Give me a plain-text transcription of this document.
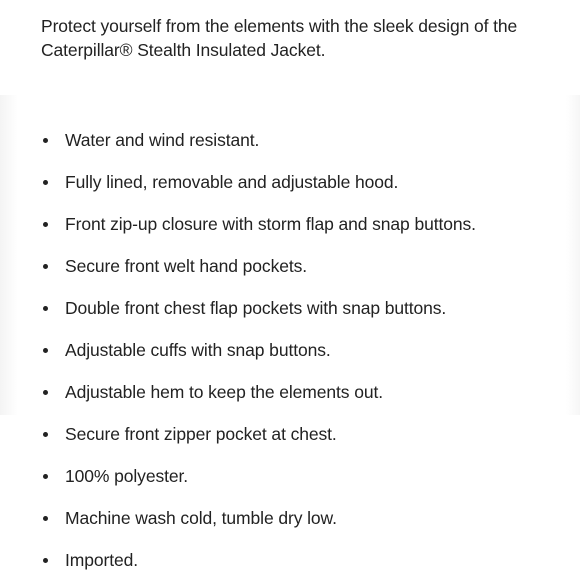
Protect yourself from the elements with the sleek design of the Caterpillar® Stealth Insulated Jacket.

Water and wind resistant.
Fully lined, removable and adjustable hood.
Front zip-up closure with storm flap and snap buttons.
Secure front welt hand pockets.
Double front chest flap pockets with snap buttons.
Adjustable cuffs with snap buttons.
Adjustable hem to keep the elements out.
Secure front zipper pocket at chest.
100% polyester.
Machine wash cold, tumble dry low.
Imported.
